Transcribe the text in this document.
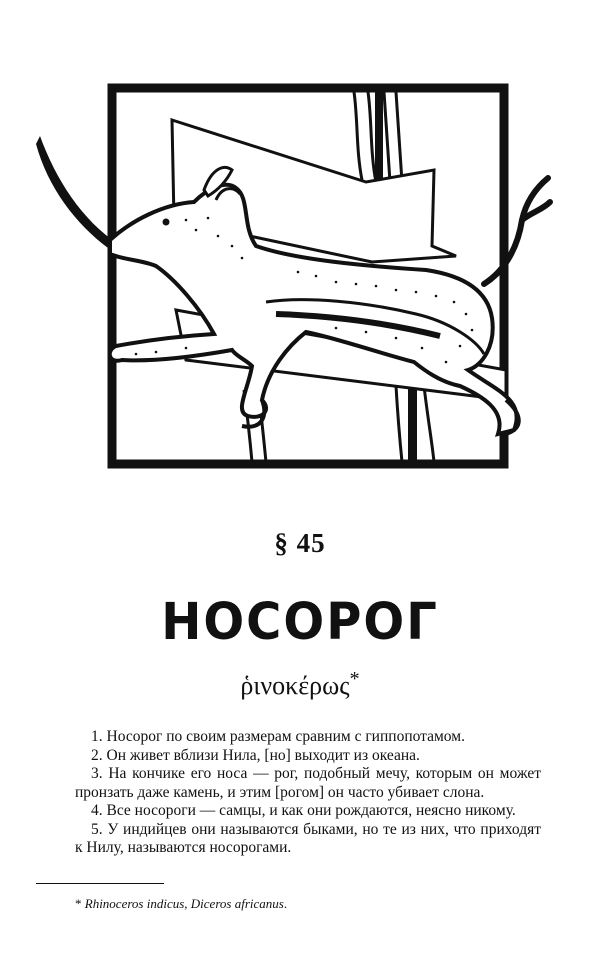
§ 45
НОСОРОГ
ῥινοκέρως*

1. Носорог по своим размерам сравним с гиппопотамом.

2. Он живет вблизи Нила, [но] выходит из океана.

3. На кончике его носа — рог, подобный мечу, которым он может пронзать даже камень, и этим [рогом] он часто убивает слона.

4. Все носороги — самцы, и как они рождаются, неясно никому.

5. У индийцев они называются быками, но те из них, что приходят к Нилу, называются носорогами.

* Rhinoceros indicus, Diceros africanus.
